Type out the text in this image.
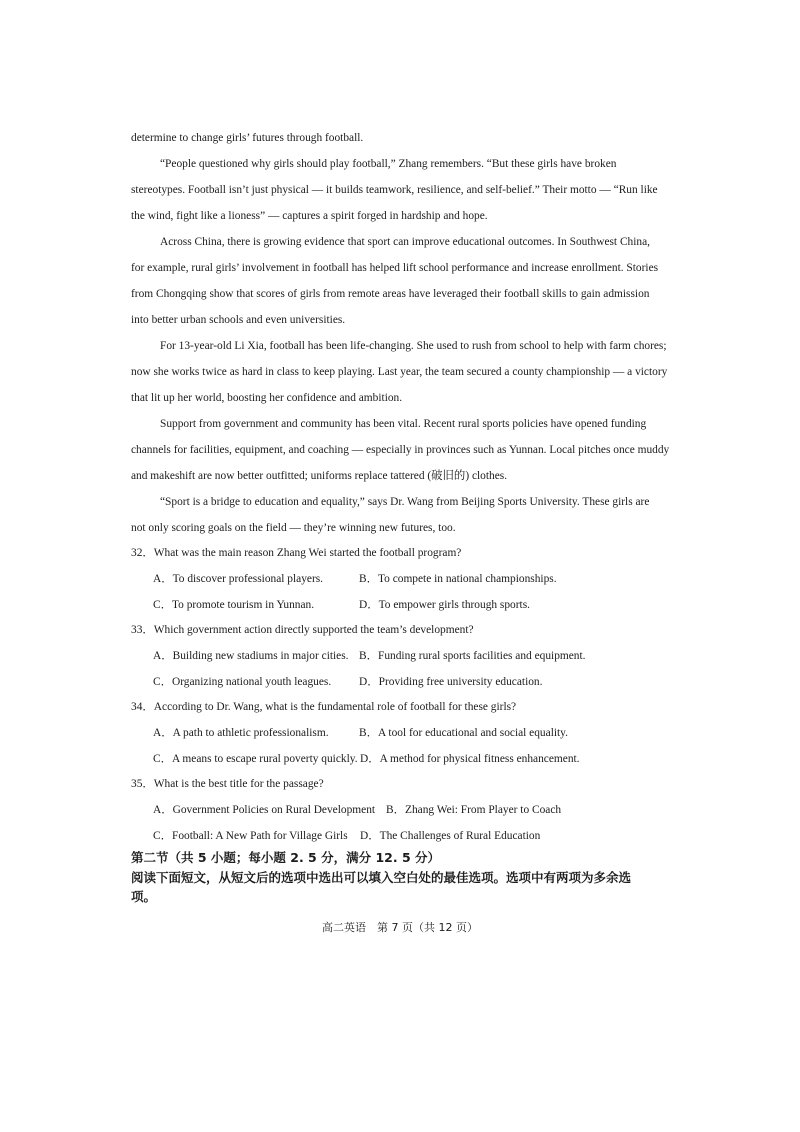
determine to change girls’ futures through football.
“People questioned why girls should play football,” Zhang remembers. “But these girls have broken
stereotypes. Football isn’t just physical — it builds teamwork, resilience, and self-belief.” Their motto — “Run like
the wind, fight like a lioness” — captures a spirit forged in hardship and hope.
Across China, there is growing evidence that sport can improve educational outcomes. In Southwest China,
for example, rural girls’ involvement in football has helped lift school performance and increase enrollment. Stories
from Chongqing show that scores of girls from remote areas have leveraged their football skills to gain admission
into better urban schools and even universities.
For 13-year-old Li Xia, football has been life-changing. She used to rush from school to help with farm chores;
now she works twice as hard in class to keep playing. Last year, the team secured a county championship — a victory
that lit up her world, boosting her confidence and ambition.
Support from government and community has been vital. Recent rural sports policies have opened funding
channels for facilities, equipment, and coaching — especially in provinces such as Yunnan. Local pitches once muddy
and makeshift are now better outfitted; uniforms replace tattered (破旧的) clothes.
“Sport is a bridge to education and equality,” says Dr. Wang from Beijing Sports University. These girls are
not only scoring goals on the field — they’re winning new futures, too.
32．What was the main reason Zhang Wei started the football program?
A．To discover professional players.	B．To compete in national championships.
C．To promote tourism in Yunnan.	D．To empower girls through sports.
33．Which government action directly supported the team’s development?
A．Building new stadiums in major cities. B．Funding rural sports facilities and equipment.
C．Organizing national youth leagues. D．Providing free university education.
34．According to Dr. Wang, what is the fundamental role of football for these girls?
A．A path to athletic professionalism.	B．A tool for educational and social equality.
C．A means to escape rural poverty quickly. D．A method for physical fitness enhancement.
35．What is the best title for the passage?
A．Government Policies on Rural Development B．Zhang Wei: From Player to Coach
C．Football: A New Path for Village Girls D．The Challenges of Rural Education
第二节（共 5 小题；每小题 2. 5 分，满分 12. 5 分）
阅读下面短文，从短文后的选项中选出可以填入空白处的最佳选项。选项中有两项为多余选
项。
高二英语　第 7 页（共 12 页）
